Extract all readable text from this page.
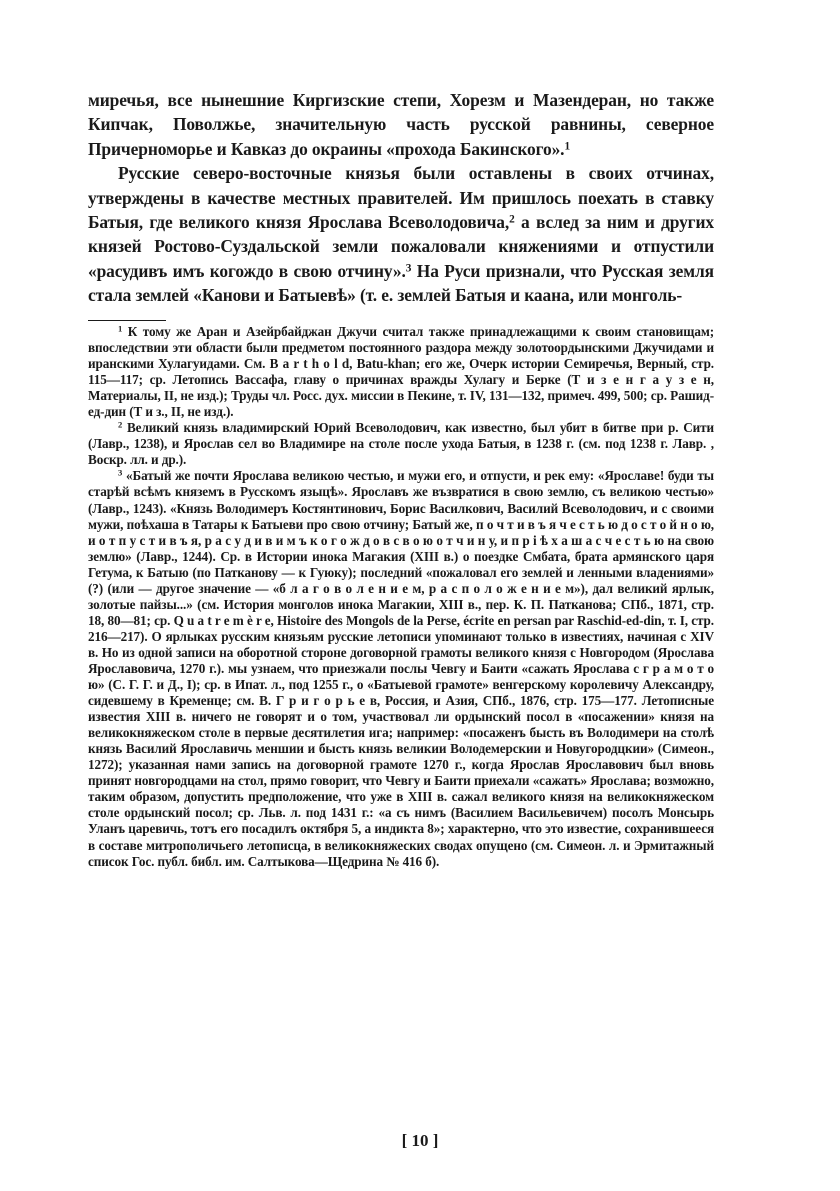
миречья, все нынешние Киргизские степи, Хорезм и Мазендеран, но также Кипчак, Поволжье, значительную часть русской равнины, северное Причерноморье и Кавказ до окраины «прохода Бакинского».$^1$

Русские северо-восточные князья были оставлены в своих отчинах, утверждены в качестве местных правителей. Им пришлось поехать в ставку Батыя, где великого князя Ярослава Всеволодовича,$^2$ а вслед за ним и других князей Ростово-Суздальской земли пожаловали княжениями и отпустили «расудивъ имъ когождо в свою отчину».$^3$ На Руси признали, что Русская земля стала землей «Канови и Батыевѣ» (т. е. землей Батыя и каана, или монголь-

$^1$ К тому же Аран и Азейрбайджан Джучи считал также принадлежащими к своим становищам; впоследствии эти области были предметом постоянного раздора между золотоордынскими Джучидами и иранскими Хулагуидами. См. B a r t h o l d, Batu-khan; его же, Очерк истории Семиречья, Верный, стр. 115—117; ср. Летопись Вассафа, главу о причинах вражды Хулагу и Берке (Т и з е н г а у з е н, Материалы, II, не изд.); Труды чл. Росс. дух. миссии в Пекине, т. IV, 131—132, примеч. 499, 500; ср. Рашид-ед-дин (Т и з., II, не изд.).

$^2$ Великий князь владимирский Юрий Всеволодович, как известно, был убит в битве при р. Сити (Лавр., 1238), и Ярослав сел во Владимире на столе после ухода Батыя, в 1238 г. (см. под 1238 г. Лавр. , Воскр. лл. и др.).

$^3$ «Батый же почти Ярослава великою честью, и мужи его, и отпусти, и рек ему: «Ярославе! буди ты старѣй всѣмъ княземъ в Русскомъ языцѣ». Ярославъ же възвратися в свою землю, съ великою честью» (Лавр., 1243). «Князь Володимеръ Костянтинович, Борис Василкович, Василий Всеволодович, и с своими мужи, поѣхаша в Татары к Батыеви про свою отчину; Батый же, п о ч т и в ъ я ч е с т ь ю д о с т о й н о ю, и о т п у с т и в ъ я, р а с у д и в и м ъ к о г о ж д о в с в о ю о т ч и н у, и п р і ѣ х а ш а с ч е с т ь ю на свою землю» (Лавр., 1244). Ср. в Истории инока Магакия (XIII в.) о поездке Смбата, брата армянского царя Гетума, к Батыю (по Патканову — к Гуюку); последний «пожаловал его землей и ленными владениями» (?) (или — другое значение — «б л а г о в о л е н и е м, р а с п о л о ж е н и е м»), дал великий ярлык, золотые пайзы...» (см. История монголов инока Магакии, XIII в., пер. К. П. Патканова; СПб., 1871, стр. 18, 80—81; ср. Q u a t r e m è r e, Histoire des Mongols de la Perse, écrite en persan par Raschid-ed-din, т. I, стр. 216—217). О ярлыках русским князьям русские летописи упоминают только в известиях, начиная с XIV в. Но из одной записи на оборотной стороне договорной грамоты великого князя с Новгородом (Ярослава Ярославовича, 1270 г.). мы узнаем, что приезжали послы Чевгу и Баити «сажать Ярослава с г р а м о т о ю» (С. Г. Г. и Д., I); ср. в Ипат. л., под 1255 г., о «Батыевой грамоте» венгерскому королевичу Александру, сидевшему в Кременце; см. В. Г р и г о р ь е в, Россия, и Азия, СПб., 1876, стр. 175—177. Летописные известия XIII в. ничего не говорят и о том, участвовал ли ордынский посол в «посажении» князя на великокняжеском столе в первые десятилетия ига; например: «посаженъ бысть въ Володимери на столѣ князь Василий Ярославичь меншии и бысть князь великии Володемерскии и Новугородцкии» (Симеон., 1272); указанная нами запись на договорной грамоте 1270 г., когда Ярослав Ярославович был вновь принят новгородцами на стол, прямо говорит, что Чевгу и Баити приехали «сажать» Ярослава; возможно, таким образом, допустить предположение, что уже в XIII в. сажал великого князя на великокняжеском столе ордынский посол; ср. Льв. л. под 1431 г.: «а съ нимъ (Василием Васильевичем) посолъ Монсырь Уланъ царевичь, тотъ его посадилъ октября 5, а индикта 8»; характерно, что это известие, сохранившееся в составе митрополичьего летописца, в великокняжеских сводах опущено (см. Симеон. л. и Эрмитажный список Гос. публ. библ. им. Салтыкова—Щедрина № 416 б).

[ 10 ]
